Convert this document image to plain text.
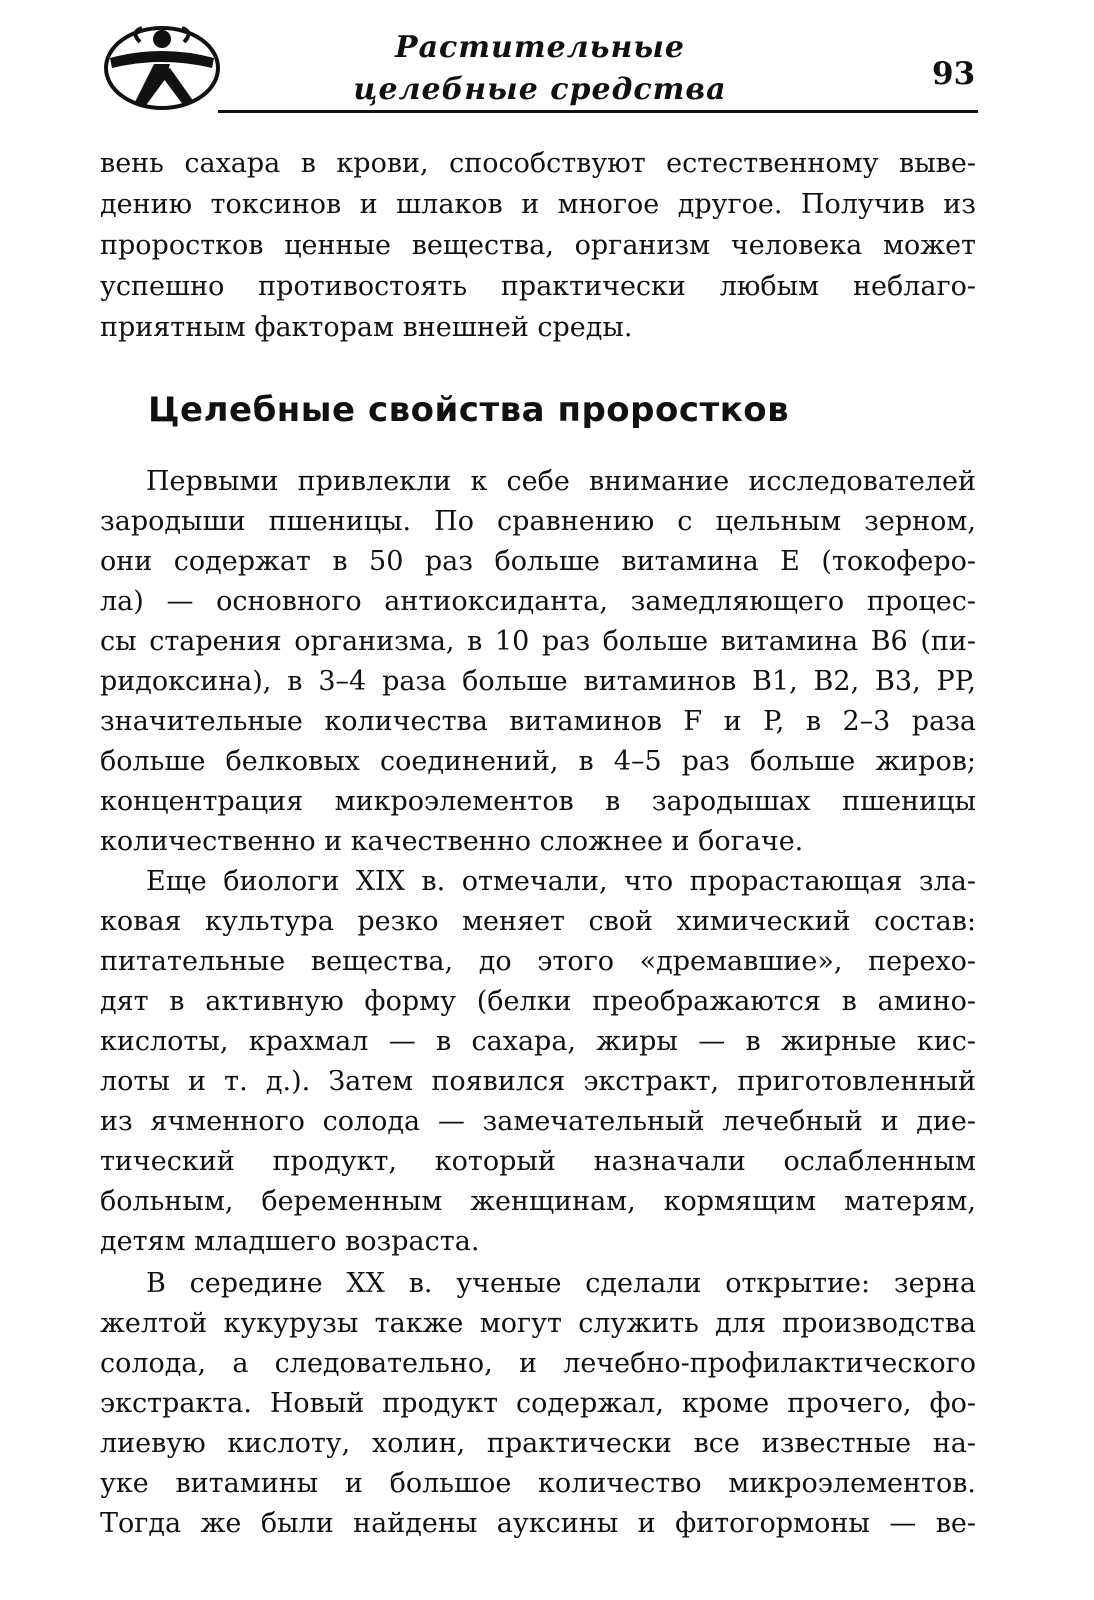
Растительные
целебные средства	93
вень сахара в крови, способствуют естественному выве-
дению токсинов и шлаков и многое другое. Получив из
проростков ценные вещества, организм человека может
успешно противостоять практически любым неблаго-
приятным факторам внешней среды.
Целебные свойства проростков
Первыми привлекли к себе внимание исследователей
зародыши пшеницы. По сравнению с цельным зерном,
они содержат в 50 раз больше витамина E (токоферо-
ла) — основного антиоксиданта, замедляющего процес-
сы старения организма, в 10 раз больше витамина B6 (пи-
ридоксина), в 3–4 раза больше витаминов B1, B2, B3, PP,
значительные количества витаминов F и P, в 2–3 раза
больше белковых соединений, в 4–5 раз больше жиров;
концентрация микроэлементов в зародышах пшеницы
количественно и качественно сложнее и богаче.
Еще биологи XIX в. отмечали, что прорастающая зла-
ковая культура резко меняет свой химический состав:
питательные вещества, до этого «дремавшие», перехо-
дят в активную форму (белки преображаются в амино-
кислоты, крахмал — в сахара, жиры — в жирные кис-
лоты и т. д.). Затем появился экстракт, приготовленный
из ячменного солода — замечательный лечебный и дие-
тический продукт, который назначали ослабленным
больным, беременным женщинам, кормящим матерям,
детям младшего возраста.
В середине XX в. ученые сделали открытие: зерна
желтой кукурузы также могут служить для производства
солода, а следовательно, и лечебно-профилактического
экстракта. Новый продукт содержал, кроме прочего, фо-
лиевую кислоту, холин, практически все известные на-
уке витамины и большое количество микроэлементов.
Тогда же были найдены ауксины и фитогормоны — ве-
